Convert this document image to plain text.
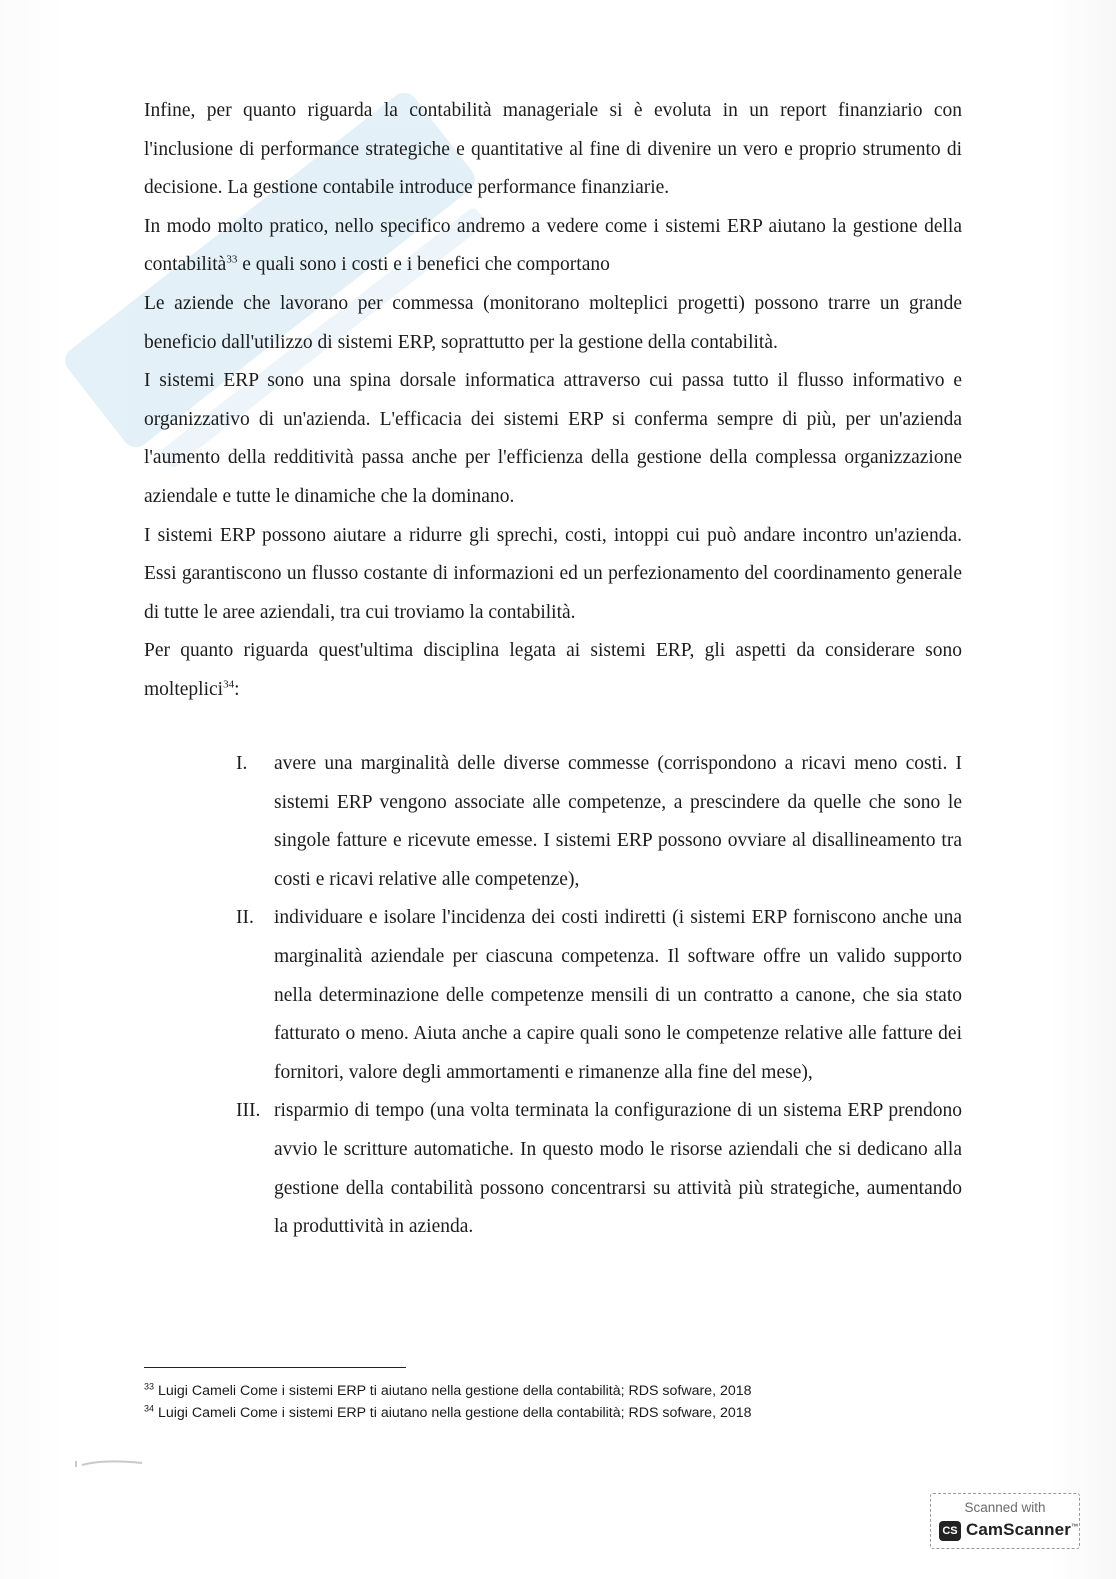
Infine, per quanto riguarda la contabilità manageriale si è evoluta in un report finanziario con l'inclusione di performance strategiche e quantitative al fine di divenire un vero e proprio strumento di decisione. La gestione contabile introduce performance finanziarie.

In modo molto pratico, nello specifico andremo a vedere come i sistemi ERP aiutano la gestione della contabilità$^{33}$ e quali sono i costi e i benefici che comportano

Le aziende che lavorano per commessa (monitorano molteplici progetti) possono trarre un grande beneficio dall'utilizzo di sistemi ERP, soprattutto per la gestione della contabilità.

I sistemi ERP sono una spina dorsale informatica attraverso cui passa tutto il flusso informativo e organizzativo di un'azienda. L'efficacia dei sistemi ERP si conferma sempre di più, per un'azienda l'aumento della redditività passa anche per l'efficienza della gestione della complessa organizzazione aziendale e tutte le dinamiche che la dominano.

I sistemi ERP possono aiutare a ridurre gli sprechi, costi, intoppi cui può andare incontro un'azienda. Essi garantiscono un flusso costante di informazioni ed un perfezionamento del coordinamento generale di tutte le aree aziendali, tra cui troviamo la contabilità.

Per quanto riguarda quest'ultima disciplina legata ai sistemi ERP, gli aspetti da considerare sono molteplici$^{34}$:

I.	avere una marginalità delle diverse commesse (corrispondono a ricavi meno costi. I sistemi ERP vengono associate alle competenze, a prescindere da quelle che sono le singole fatture e ricevute emesse. I sistemi ERP possono ovviare al disallineamento tra costi e ricavi relative alle competenze),
II.	individuare e isolare l'incidenza dei costi indiretti (i sistemi ERP forniscono anche una marginalità aziendale per ciascuna competenza. Il software offre un valido supporto nella determinazione delle competenze mensili di un contratto a canone, che sia stato fatturato o meno. Aiuta anche a capire quali sono le competenze relative alle fatture dei fornitori, valore degli ammortamenti e rimanenze alla fine del mese),
III. risparmio di tempo (una volta terminata la configurazione di un sistema ERP prendono avvio le scritture automatiche. In questo modo le risorse aziendali che si dedicano alla gestione della contabilità possono concentrarsi su attività più strategiche, aumentando la produttività in azienda.
$^{33}$ Luigi Cameli Come i sistemi ERP ti aiutano nella gestione della contabilità; RDS sofware, 2018
$^{34}$ Luigi Cameli Come i sistemi ERP ti aiutano nella gestione della contabilità; RDS sofware, 2018
Scanned with
CS CamScanner™
